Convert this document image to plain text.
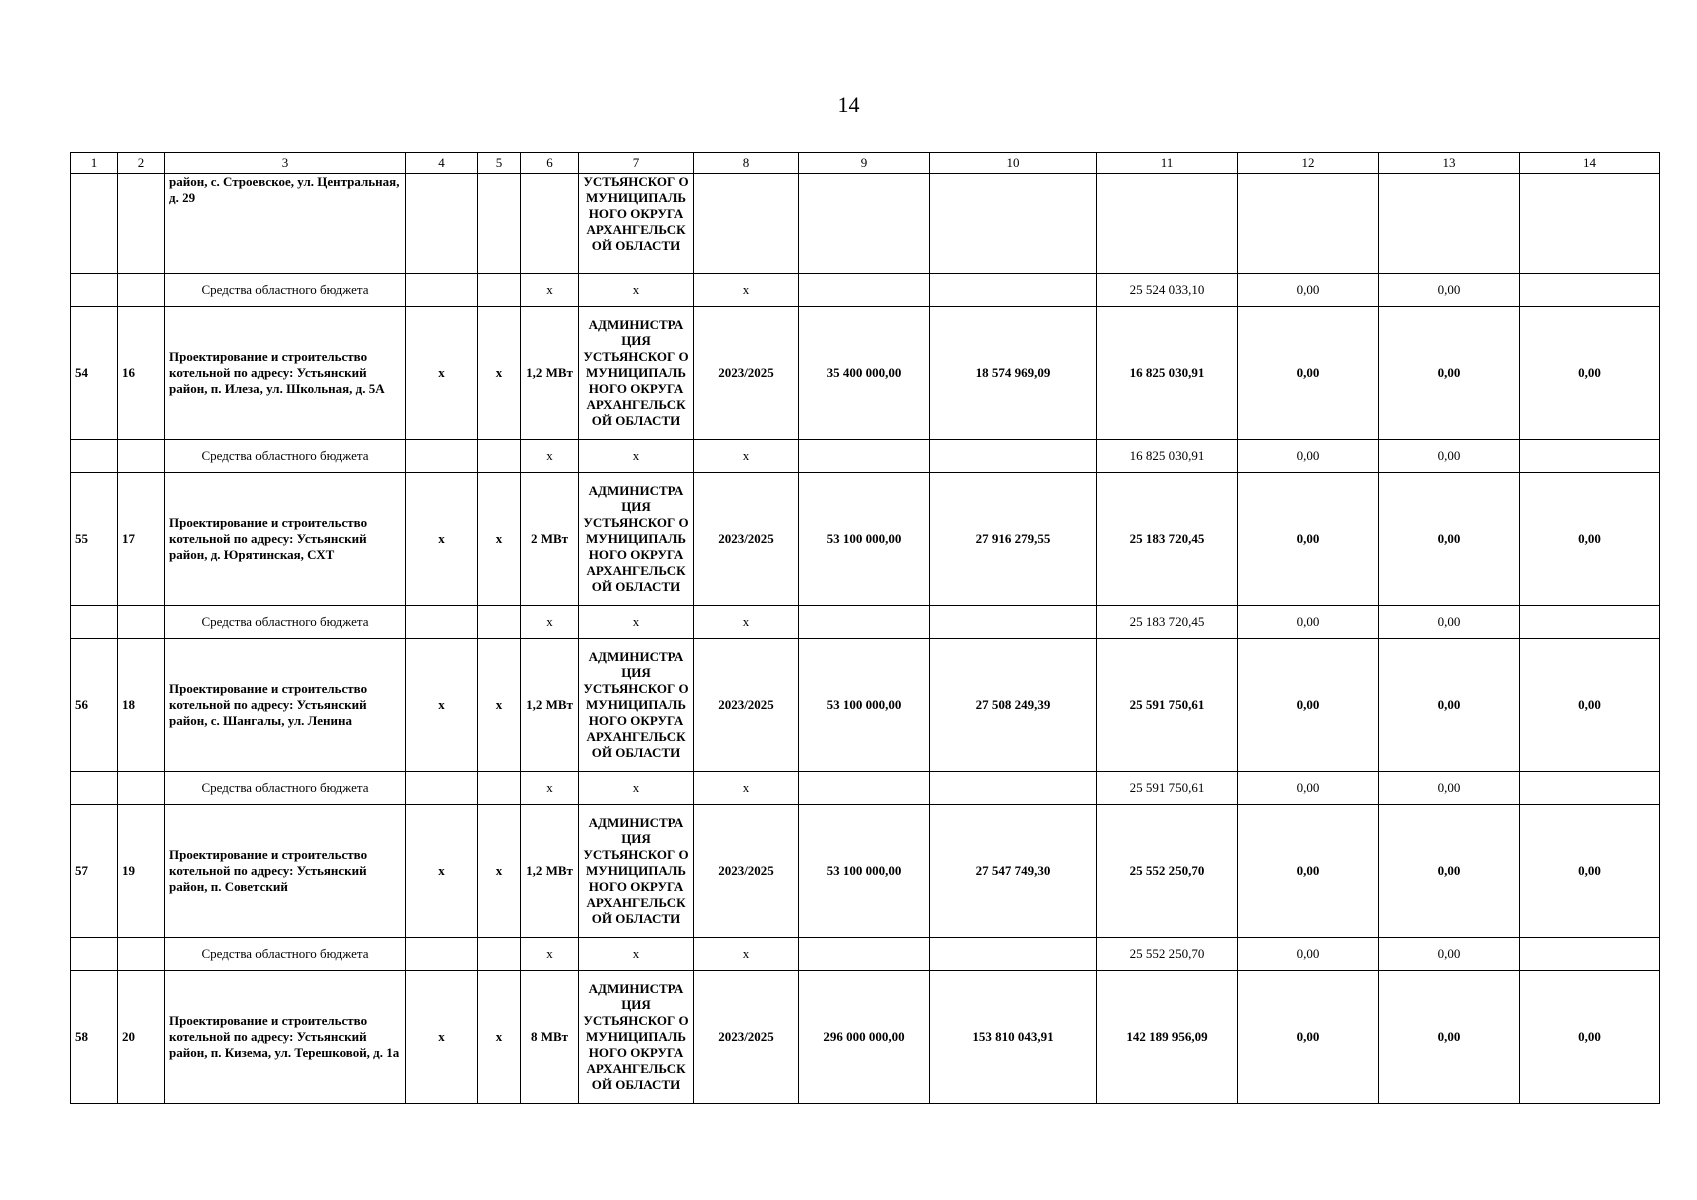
14
1	2	3	4	5	6	7	8	9	10	11	12	13	14
		район, с. Строевское, ул. Центральная, д. 29				УСТЬЯНСКОГ О МУНИЦИПАЛЬ НОГО ОКРУГА АРХАНГЕЛЬСК ОЙ ОБЛАСТИ							
		Средства областного бюджета			х	х	х			25 524 033,10	0,00	0,00	
54	16	Проектирование и строительство котельной по адресу: Устьянский район, п. Илеза, ул. Школьная, д. 5А	х	х	1,2 МВт	АДМИНИСТРА ЦИЯ УСТЬЯНСКОГ О МУНИЦИПАЛЬ НОГО ОКРУГА АРХАНГЕЛЬСК ОЙ ОБЛАСТИ	2023/2025	35 400 000,00	18 574 969,09	16 825 030,91	0,00	0,00	0,00
		Средства областного бюджета			х	х	х			16 825 030,91	0,00	0,00	
55	17	Проектирование и строительство котельной по адресу: Устьянский район, д. Юрятинская, СХТ	х	х	2 МВт	АДМИНИСТРА ЦИЯ УСТЬЯНСКОГ О МУНИЦИПАЛЬ НОГО ОКРУГА АРХАНГЕЛЬСК ОЙ ОБЛАСТИ	2023/2025	53 100 000,00	27 916 279,55	25 183 720,45	0,00	0,00	0,00
		Средства областного бюджета			х	х	х			25 183 720,45	0,00	0,00	
56	18	Проектирование и строительство котельной по адресу: Устьянский район, с. Шангалы, ул. Ленина	х	х	1,2 МВт	АДМИНИСТРА ЦИЯ УСТЬЯНСКОГ О МУНИЦИПАЛЬ НОГО ОКРУГА АРХАНГЕЛЬСК ОЙ ОБЛАСТИ	2023/2025	53 100 000,00	27 508 249,39	25 591 750,61	0,00	0,00	0,00
		Средства областного бюджета			х	х	х			25 591 750,61	0,00	0,00	
57	19	Проектирование и строительство котельной по адресу: Устьянский район, п. Советский	х	х	1,2 МВт	АДМИНИСТРА ЦИЯ УСТЬЯНСКОГ О МУНИЦИПАЛЬ НОГО ОКРУГА АРХАНГЕЛЬСК ОЙ ОБЛАСТИ	2023/2025	53 100 000,00	27 547 749,30	25 552 250,70	0,00	0,00	0,00
		Средства областного бюджета			х	х	х			25 552 250,70	0,00	0,00	
58	20	Проектирование и строительство котельной по адресу: Устьянский район, п. Кизема, ул. Терешковой, д. 1а	х	х	8 МВт	АДМИНИСТРА ЦИЯ УСТЬЯНСКОГ О МУНИЦИПАЛЬ НОГО ОКРУГА АРХАНГЕЛЬСК ОЙ ОБЛАСТИ	2023/2025	296 000 000,00	153 810 043,91	142 189 956,09	0,00	0,00	0,00
